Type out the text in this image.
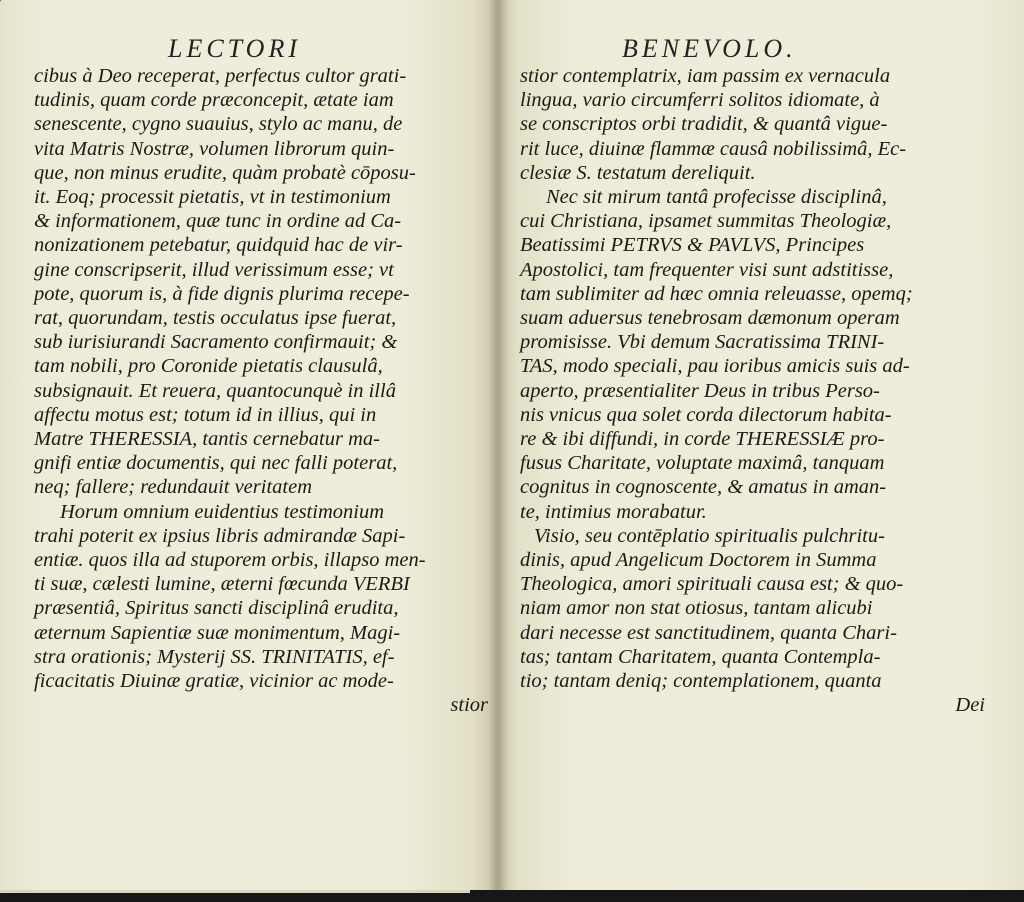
LECTORI
cibus à Deo receperat, perfectus cultor grati-
tudinis, quam corde præconcepit, ætate iam
senescente, cygno suauius, stylo ac manu, de
vita Matris Nostræ, volumen librorum quin-
que, non minus erudite, quàm probatè cōposu-
it. Eoq; processit pietatis, vt in testimonium
& informationem, quæ tunc in ordine ad Ca-
nonizationem petebatur, quidquid hac de vir-
gine conscripserit, illud verissimum esse; vt
pote, quorum is, à fide dignis plurima recepe-
rat, quorundam, testis occulatus ipse fuerat,
sub iurisiurandi Sacramento confirmauit; &
tam nobili, pro Coronide pietatis clausulâ,
subsignauit. Et reuera, quantocunquè in illâ
affectu motus est; totum id in illius, qui in
Matre THERESSIA, tantis cernebatur ma-
gnifi entiæ documentis, qui nec falli poterat,
neq; fallere; redundauit veritatem
Horum omnium euidentius testimonium
trahi poterit ex ipsius libris admirandæ Sapi-
entiæ. quos illa ad stuporem orbis, illapso men-
ti suæ, cælesti lumine, æterni fœcunda VERBI
præsentiâ, Spiritus sancti disciplinâ erudita,
æternum Sapientiæ suæ monimentum, Magi-
stra orationis; Mysterij SS. TRINITATIS, ef-
ficacitatis Diuinæ gratiæ, vicinior ac mode-
stior
BENEVOLO.
stior contemplatrix, iam passim ex vernacula
lingua, vario circumferri solitos idiomate, à
se conscriptos orbi tradidit, & quantâ vigue-
rit luce, diuinæ flammæ causâ nobilissimâ, Ec-
clesiæ S. testatum dereliquit.
Nec sit mirum tantâ profecisse disciplinâ,
cui Christiana, ipsamet summitas Theologiæ,
Beatissimi PETRVS & PAVLVS, Principes
Apostolici, tam frequenter visi sunt adstitisse,
tam sublimiter ad hæc omnia releuasse, opemq;
suam aduersus tenebrosam dæmonum operam
promisisse. Vbi demum Sacratissima TRINI-
TAS, modo speciali, pau ioribus amicis suis ad-
aperto, præsentialiter Deus in tribus Perso-
nis vnicus qua solet corda dilectorum habita-
re & ibi diffundi, in corde THERESSIÆ pro-
fusus Charitate, voluptate maximâ, tanquam
cognitus in cognoscente, & amatus in aman-
te, intimius morabatur.
Visio, seu contēplatio spiritualis pulchritu-
dinis, apud Angelicum Doctorem in Summa
Theologica, amori spirituali causa est; & quo-
niam amor non stat otiosus, tantam alicubi
dari necesse est sanctitudinem, quanta Chari-
tas; tantam Charitatem, quanta Contempla-
tio; tantam deniq; contemplationem, quanta
Dei
